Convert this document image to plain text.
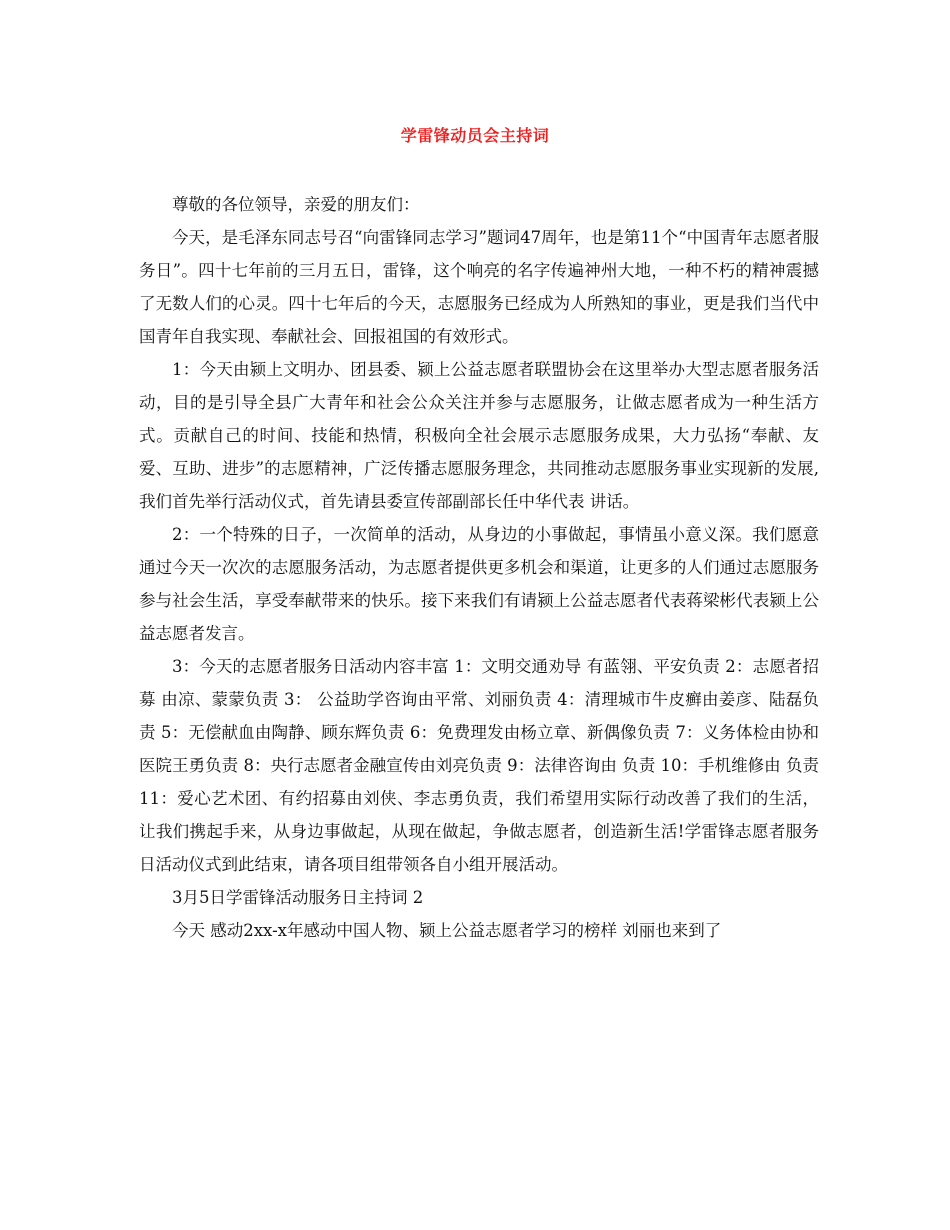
学雷锋动员会主持词

尊敬的各位领导，亲爱的朋友们：

今天，是毛泽东同志号召“向雷锋同志学习”题词47周年，也是第11个“中国青年志愿者服务日”。四十七年前的三月五日，雷锋，这个响亮的名字传遍神州大地，一种不朽的精神震撼了无数人们的心灵。四十七年后的今天，志愿服务已经成为人所熟知的事业，更是我们当代中国青年自我实现、奉献社会、回报祖国的有效形式。

1：今天由颍上文明办、团县委、颍上公益志愿者联盟协会在这里举办大型志愿者服务活动，目的是引导全县广大青年和社会公众关注并参与志愿服务，让做志愿者成为一种生活方式。贡献自己的时间、技能和热情，积极向全社会展示志愿服务成果，大力弘扬“奉献、友爱、互助、进步”的志愿精神，广泛传播志愿服务理念，共同推动志愿服务事业实现新的发展,我们首先举行活动仪式，首先请县委宣传部副部长任中华代表 讲话。

2：一个特殊的日子，一次简单的活动，从身边的小事做起，事情虽小意义深。我们愿意通过今天一次次的志愿服务活动，为志愿者提供更多机会和渠道，让更多的人们通过志愿服务参与社会生活，享受奉献带来的快乐。接下来我们有请颍上公益志愿者代表蒋梁彬代表颍上公益志愿者发言。

3：今天的志愿者服务日活动内容丰富 1：文明交通劝导 有蓝翎、平安负责 2：志愿者招募 由凉、蒙蒙负责 3： 公益助学咨询由平常、刘丽负责 4：清理城市牛皮癣由姜彦、陆磊负责 5：无偿献血由陶静、顾东辉负责 6：免费理发由杨立章、新偶像负责 7：义务体检由协和医院王勇负责 8：央行志愿者金融宣传由刘亮负责 9：法律咨询由 负责 10：手机维修由 负责 11：爱心艺术团、有约招募由刘侠、李志勇负责，我们希望用实际行动改善了我们的生活，让我们携起手来，从身边事做起，从现在做起，争做志愿者，创造新生活!学雷锋志愿者服务日活动仪式到此结束，请各项目组带领各自小组开展活动。

3月5日学雷锋活动服务日主持词 2

今天 感动2xx-x年感动中国人物、颍上公益志愿者学习的榜样 刘丽也来到了
